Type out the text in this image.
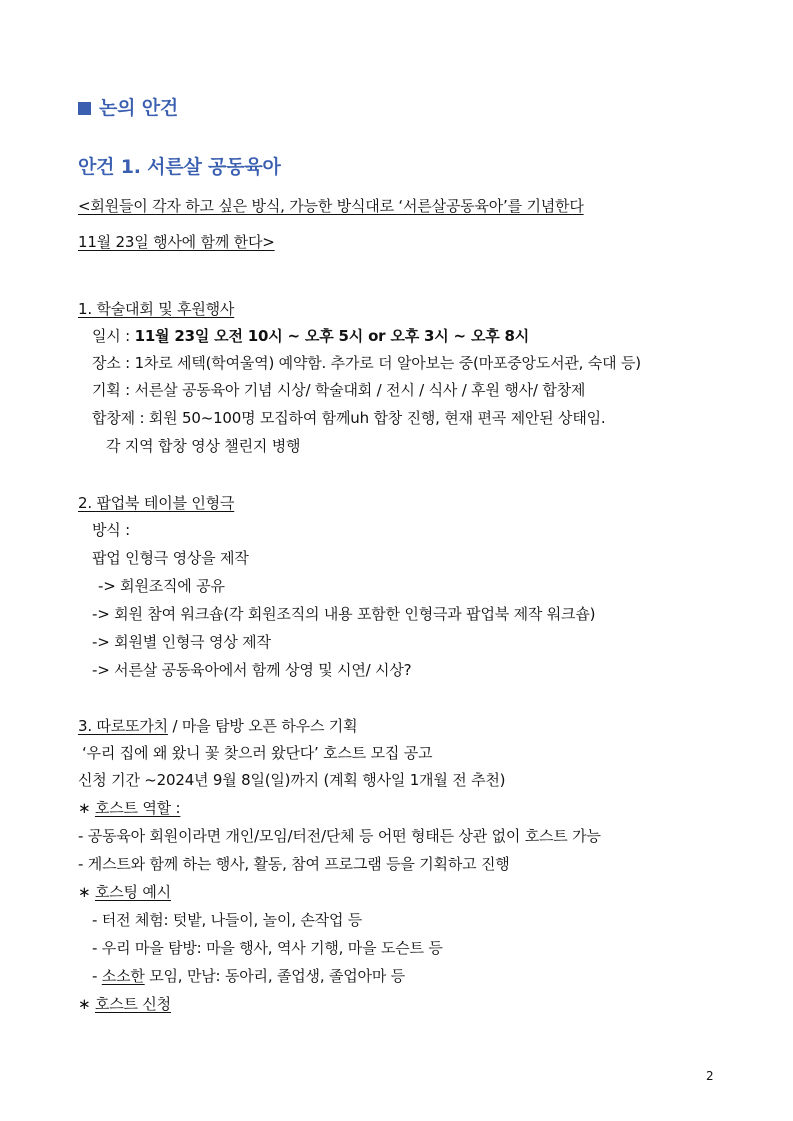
논의 안건
안건 1. 서른살 공동육아
<회원들이 각자 하고 싶은 방식, 가능한 방식대로 ‘서른살공동육아’를 기념한다
11월 23일 행사에 함께 한다>
1. 학술대회 및 후원행사
일시 : 11월 23일 오전 10시 ~ 오후 5시 or 오후 3시 ~ 오후 8시
장소 : 1차로 세텍(학여울역) 예약함. 추가로 더 알아보는 중(마포중앙도서관, 숙대 등)
기획 : 서른살 공동육아 기념 시상/ 학술대회 / 전시 / 식사 / 후원 행사/ 합창제
합창제 : 회원 50~100명 모집하여 함께uh 합창 진행, 현재 편곡 제안된 상태임.
각 지역 합창 영상 챌린지 병행
2. 팝업북 테이블 인형극
방식 :
팝업 인형극 영상을 제작
-> 회원조직에 공유
-> 회원 참여 워크숍(각 회원조직의 내용 포함한 인형극과 팝업북 제작 워크숍)
-> 회원별 인형극 영상 제작
-> 서른살 공동육아에서 함께 상영 및 시연/ 시상?
3. 따로또가치 / 마을 탐방 오픈 하우스 기획
‘우리 집에 왜 왔니 꽃 찾으러 왔단다’ 호스트 모집 공고
신청 기간 ~2024년 9월 8일(일)까지 (계획 행사일 1개월 전 추천)
∗ 호스트 역할 :
- 공동육아 회원이라면 개인/모임/터전/단체 등 어떤 형태든 상관 없이 호스트 가능
- 게스트와 함께 하는 행사, 활동, 참여 프로그램 등을 기획하고 진행
∗ 호스팅 예시
- 터전 체험: 텃밭, 나들이, 놀이, 손작업 등
- 우리 마을 탐방: 마을 행사, 역사 기행, 마을 도슨트 등
- 소소한 모임, 만남: 동아리, 졸업생, 졸업아마 등
∗ 호스트 신청
2
